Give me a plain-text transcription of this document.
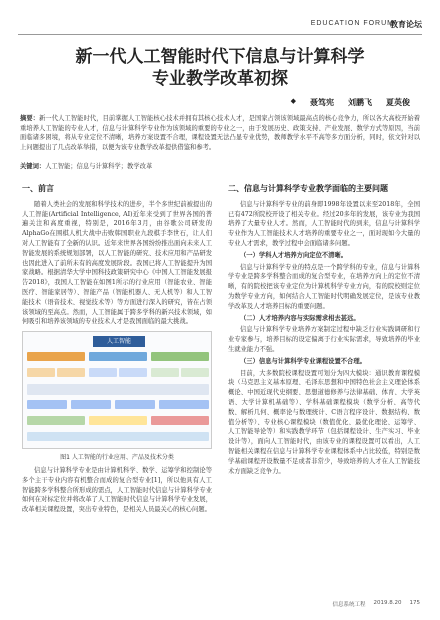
EDUCATION FORUM
教育论坛
新一代人工智能时代下信息与计算科学
专业教学改革初探
◆ 聂笃宪 刘鹏飞 夏英俊
摘要：新一代人工智能时代，目前掌握人工智能核心技术并拥有其核心技术人才，是国家占领该领域最高点的核心竞争力，所以各大高校开始着重培养人工智能的专业人才，信息与计算科学专业作为该领域的重要的专业之一，由于发展历史、政策支持、产业发展、数学方式等原因，当前面临诸多困境，将从专业定位不清晰，培养方案设置不合理，课程设置无法凸显专业优势，教师教学水平不高等多方面分析，同时，依文针对以上问题提出了几点改革举措，以便为该专业教学改革提供借鉴和参考。
关键词：人工智能；信息与计算科学；教学改革
一、前言
随着人类社会的发展和科学技术的进步，半个多世纪前被提出的人工智能(Artificial Intelligence, AI)近年来受到了世界各国的普遍关注和高度重视，特别是，2016年3月，由谷歌公司研发的AlphaGo在围棋人机大战中击败韩国职业九段棋手李世石，让人们对人工智能有了全新的认识。近年来世界各国纷纷推出面向未来人工智能发展的系统规划部署，以人工智能的研究、技术应用和产品研发也因此进入了前所未有的高度发展阶段。我国已将人工智能提升为国家战略。根据清华大学中国科技政策研究中心《中国人工智能发展报告2018》，我国人工智能在如图1所示的行业应用（智能农业、智能医疗、智能家居等）、智能产品（智能机器人、无人机等）和人工智能技术（语音技术、视觉技术等）等方面进行深入的研究，皆在占领该领域的至高点。然而，人工智能属于跨多学科的新兴技术领域，如何吸引和培养该领域的专业技术人才是我国面临的最大挑战。
人工智能
图1 人工智能的行业应用、产品及技术分类
信息与计算科学专业是由计算机科学、数学、运筹学和控制论等多个主干专业内容有机整合而成的复合型专业[1]，所以他具有人工智能跨多学科整合所形成的需点，人工智能时代信息与计算科学专业如何在对标定位并将改革了人工智能时代信息与计算科学专业发展，改革相关课程设置，突出专业特色，是相关人员最关心的核心问题。
二、信息与计算科学专业教学面临的主要问题
信息与计算科学专业的前身即1998年设置以来至2018年，全国已有472所院校开设了相关专业。经过20多年的发展，该专业为我国培养了大量专业人才。然而，人工智能时代的到来，信息与计算科学专业作为人工智能技术人才培养的重要专业之一，面对现如今大量的专业人才需求，教学过程中会面临诸多问题。
（一）学科人才培养方向定位不清晰。
信息与计算科学专业的特点是一个跨学科的专业，信息与计算科学专业是跨多学科整合而成的复合型专业，在培养方向上的定位不清晰，有的院校把该专业定位为计算机科学专业方向，有的院校则定位为数学专业方向，如何结合人工智能时代明确发展定位，是该专业教学改革及人才培养目标的重要问题。
（二）人才培养内容与实际需求相去甚远。
信息与计算科学专业培养方案制定过程中缺乏行业实践调研和行业专家参与，培养目标的设定偏离于行业实际需求，导致培养的毕业生就业能力不强。
（三）信息与计算科学专业课程设置不合理。
目前，大多数院校课程设置可划分为四大模块：通识教育课程模块（马克思主义基本原理、毛泽东思想和中国特色社会主义理论体系概论、中国近现代史纲要、思想道德修养与法律基础、体育、大学英语、大学计算机基础等）、学科基础课程模块（数学分析、高等代数、解析几何、概率论与数理统计、C语言程序设计、数据结构、数值分析等）、专业核心课程模块（数值优化、最优化理论、运筹学、人工智能导论等）和实践教学环节（包括课程设计、生产实习、毕业设计等），面向人工智能时代，由该专业的课程设置可以看出，人工智能相关课程在信息与计算科学专业课程体系中占比较低，特别是数学基础课程开设数量不足或者非常少，导致培养的人才在人工智能技术方面缺乏竞争力。
信息系统工程 2019.8.20 175
